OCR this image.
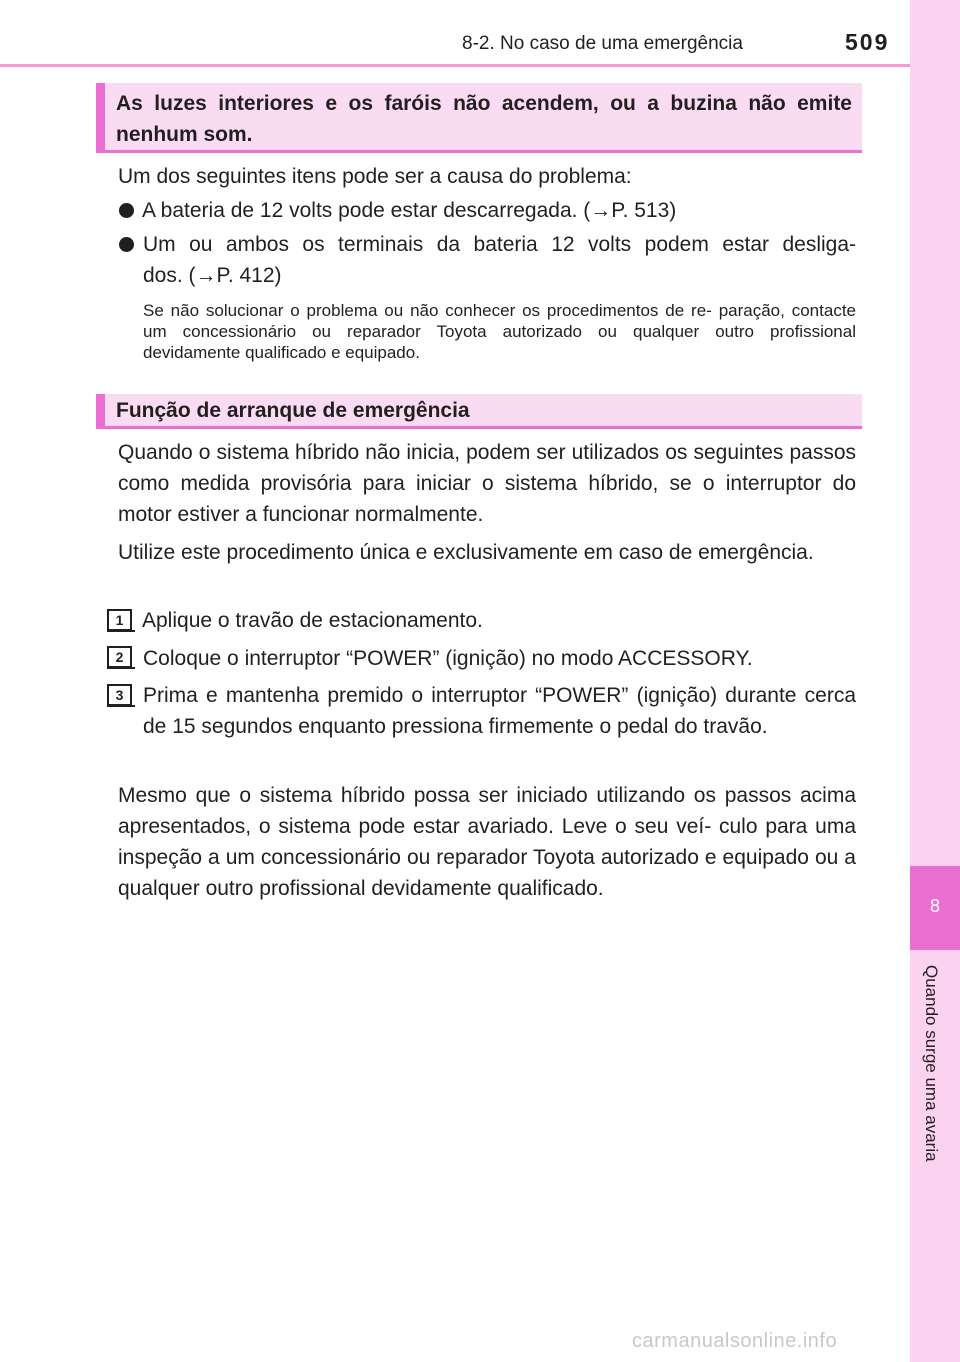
8-2. No caso de uma emergência	509
8
Quando surge uma avaria
As luzes interiores e os faróis não acendem, ou a buzina não emite nenhum som.
Um dos seguintes itens pode ser a causa do problema:
A bateria de 12 volts pode estar descarregada. (→P. 513)
Um ou ambos os terminais da bateria 12 volts podem estar desliga-
dos. (→P. 412)
Se não solucionar o problema ou não conhecer os procedimentos de re- paração, contacte um concessionário ou reparador Toyota autorizado ou qualquer outro profissional devidamente qualificado e equipado.
Função de arranque de emergência
Quando o sistema híbrido não inicia, podem ser utilizados os seguintes passos como medida provisória para iniciar o sistema híbrido, se o interruptor do motor estiver a funcionar normalmente.
Utilize este procedimento única e exclusivamente em caso de emergência.
1 Aplique o travão de estacionamento.
2 Coloque o interruptor “POWER” (ignição) no modo ACCESSORY.
3 Prima e mantenha premido o interruptor “POWER” (ignição) durante cerca de 15 segundos enquanto pressiona firmemente o pedal do travão.
Mesmo que o sistema híbrido possa ser iniciado utilizando os passos acima apresentados, o sistema pode estar avariado. Leve o seu veí- culo para uma inspeção a um concessionário ou reparador Toyota autorizado e equipado ou a qualquer outro profissional devidamente qualificado.
carmanualsonline.info
